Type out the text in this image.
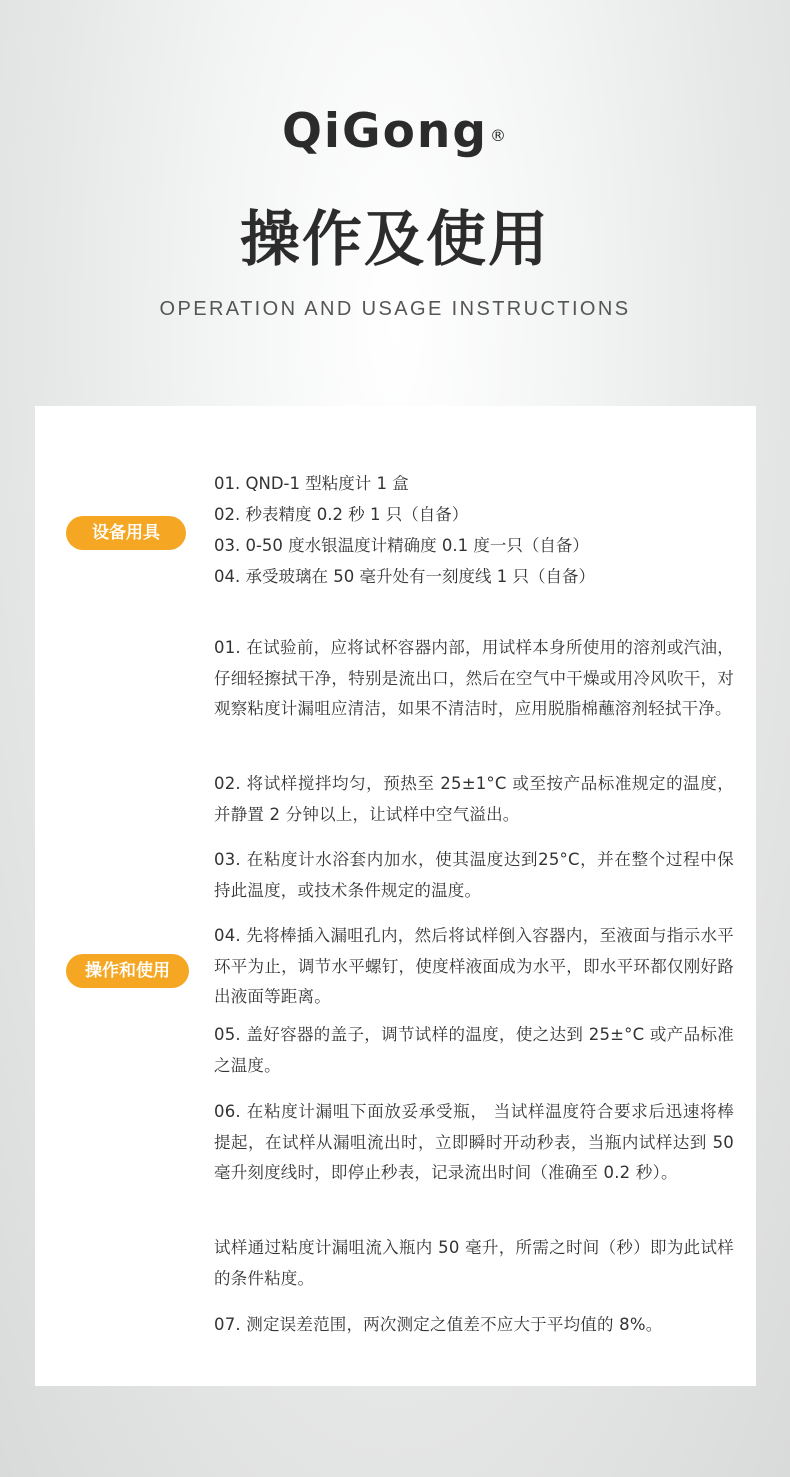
QiGong ®
操作及使用
OPERATION AND USAGE INSTRUCTIONS
设备用具
01. QND-1 型粘度计 1 盒
02. 秒表精度 0.2 秒 1 只（自备）
03. 0-50 度水银温度计精确度 0.1 度一只（自备）
04. 承受玻璃在 50 毫升处有一刻度线 1 只（自备）
操作和使用
01. 在试验前，应将试杯容器内部，用试样本身所使用的溶剂或汽油，仔细轻擦拭干净，特别是流出口，然后在空气中干燥或用冷风吹干，对观察粘度计漏咀应清洁，如果不清洁时，应用脱脂棉蘸溶剂轻拭干净。
02. 将试样搅拌均匀，预热至 25±1°C 或至按产品标准规定的温度，并静置 2 分钟以上，让试样中空气溢出。
03. 在粘度计水浴套内加水，使其温度达到25°C，并在整个过程中保持此温度，或技术条件规定的温度。
04. 先将棒插入漏咀孔内，然后将试样倒入容器内，至液面与指示水平环平为止，调节水平螺钉，使度样液面成为水平，即水平环都仅刚好路出液面等距离。
05. 盖好容器的盖子，调节试样的温度，使之达到 25±°C 或产品标准之温度。
06. 在粘度计漏咀下面放妥承受瓶， 当试样温度符合要求后迅速将棒提起，在试样从漏咀流出时，立即瞬时开动秒表，当瓶内试样达到 50 毫升刻度线时，即停止秒表，记录流出时间（准确至 0.2 秒）。
试样通过粘度计漏咀流入瓶内 50 毫升，所需之时间（秒）即为此试样的条件粘度。
07. 测定误差范围，两次测定之值差不应大于平均值的 8%。
